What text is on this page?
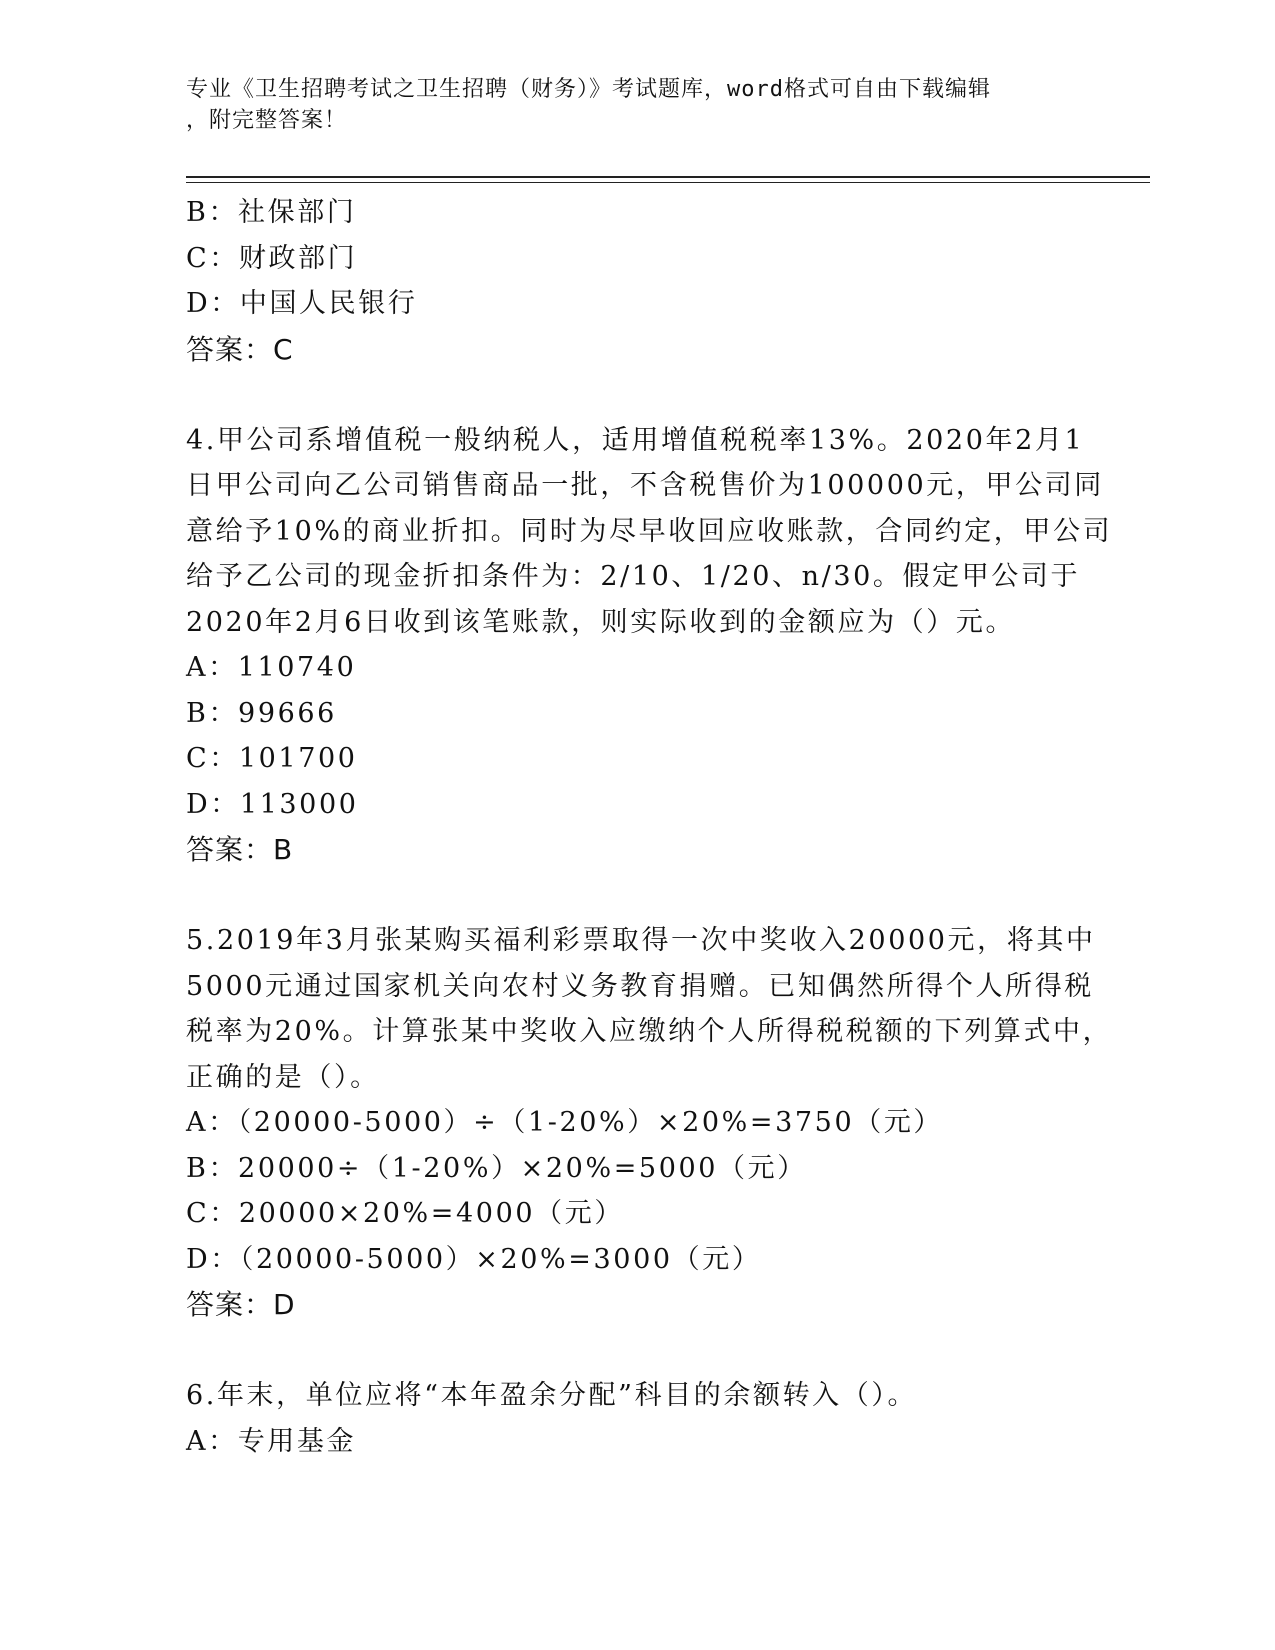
专业《卫生招聘考试之卫生招聘（财务）》考试题库，word格式可自由下载编辑
，附完整答案！
B：社保部门
C：财政部门
D：中国人民银行
答案：C
4.甲公司系增值税一般纳税人，适用增值税税率13%。2020年2月1
日甲公司向乙公司销售商品一批，不含税售价为100000元，甲公司同
意给予10%的商业折扣。同时为尽早收回应收账款，合同约定，甲公司
给予乙公司的现金折扣条件为：2/10、1/20、n/30。假定甲公司于
2020年2月6日收到该笔账款，则实际收到的金额应为（）元。
A：110740
B：99666
C：101700
D：113000
答案：B
5.2019年3月张某购买福利彩票取得一次中奖收入20000元，将其中
5000元通过国家机关向农村义务教育捐赠。已知偶然所得个人所得税
税率为20%。计算张某中奖收入应缴纳个人所得税税额的下列算式中，
正确的是（）。
A：（20000-5000）÷（1-20%）×20%=3750（元）
B：20000÷（1-20%）×20%=5000（元）
C：20000×20%=4000（元）
D：（20000-5000）×20%=3000（元）
答案：D
6.年末，单位应将“本年盈余分配”科目的余额转入（）。
A：专用基金
